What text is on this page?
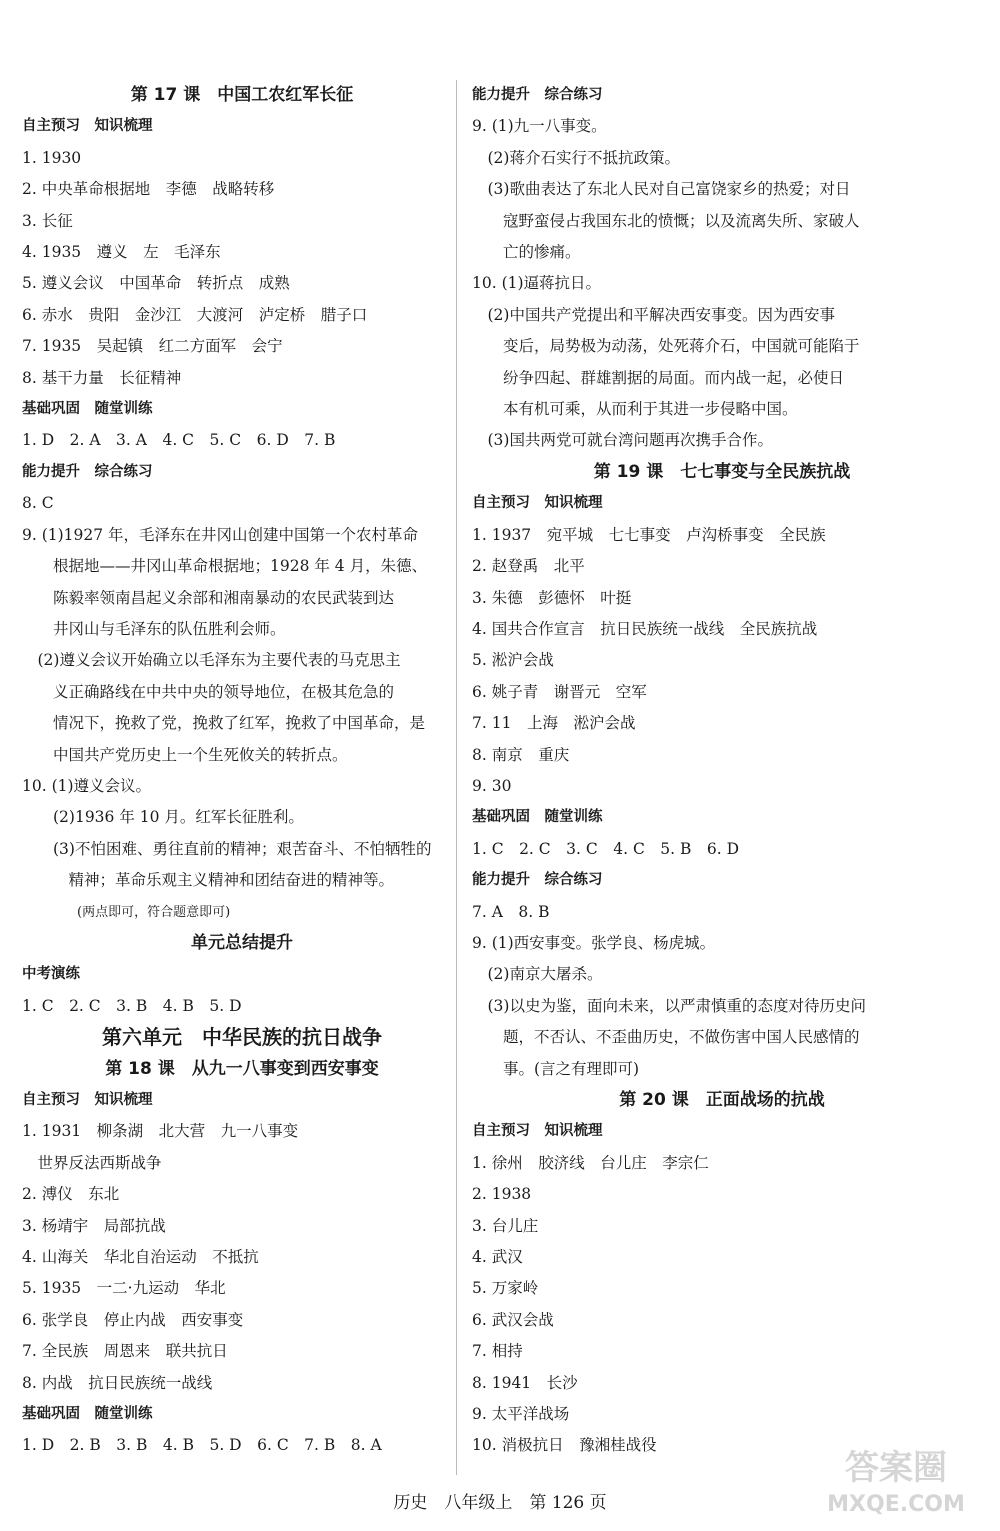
第 17 课　中国工农红军长征
自主预习　知识梳理
1. 1930
2. 中央革命根据地　李德　战略转移
3. 长征
4. 1935　遵义　左　毛泽东
5. 遵义会议　中国革命　转折点　成熟
6. 赤水　贵阳　金沙江　大渡河　泸定桥　腊子口
7. 1935　吴起镇　红二方面军　会宁
8. 基干力量　长征精神
基础巩固　随堂训练
1. D　2. A　3. A　4. C　5. C　6. D　7. B
能力提升　综合练习
8. C
9. (1)1927 年，毛泽东在井冈山创建中国第一个农村革命
　　根据地——井冈山革命根据地；1928 年 4 月，朱德、
　　陈毅率领南昌起义余部和湘南暴动的农民武装到达
　　井冈山与毛泽东的队伍胜利会师。
　(2)遵义会议开始确立以毛泽东为主要代表的马克思主
　　义正确路线在中共中央的领导地位，在极其危急的
　　情况下，挽救了党，挽救了红军，挽救了中国革命，是
　　中国共产党历史上一个生死攸关的转折点。
10. (1)遵义会议。
　　(2)1936 年 10 月。红军长征胜利。
　　(3)不怕困难、勇往直前的精神；艰苦奋斗、不怕牺牲的
　　　精神；革命乐观主义精神和团结奋进的精神等。
(两点即可，符合题意即可)
单元总结提升
中考演练
1. C　2. C　3. B　4. B　5. D
第六单元　中华民族的抗日战争
第 18 课　从九一八事变到西安事变
自主预习　知识梳理
1. 1931　柳条湖　北大营　九一八事变
　世界反法西斯战争
2. 溥仪　东北
3. 杨靖宇　局部抗战
4. 山海关　华北自治运动　不抵抗
5. 1935　一二·九运动　华北
6. 张学良　停止内战　西安事变
7. 全民族　周恩来　联共抗日
8. 内战　抗日民族统一战线
基础巩固　随堂训练
1. D　2. B　3. B　4. B　5. D　6. C　7. B　8. A
能力提升　综合练习
9. (1)九一八事变。
　(2)蒋介石实行不抵抗政策。
　(3)歌曲表达了东北人民对自己富饶家乡的热爱；对日
　　寇野蛮侵占我国东北的愤慨；以及流离失所、家破人
　　亡的惨痛。
10. (1)逼蒋抗日。
　(2)中国共产党提出和平解决西安事变。因为西安事
　　变后，局势极为动荡，处死蒋介石，中国就可能陷于
　　纷争四起、群雄割据的局面。而内战一起，必使日
　　本有机可乘，从而利于其进一步侵略中国。
　(3)国共两党可就台湾问题再次携手合作。
第 19 课　七七事变与全民族抗战
自主预习　知识梳理
1. 1937　宛平城　七七事变　卢沟桥事变　全民族
2. 赵登禹　北平
3. 朱德　彭德怀　叶挺
4. 国共合作宣言　抗日民族统一战线　全民族抗战
5. 淞沪会战
6. 姚子青　谢晋元　空军
7. 11　上海　淞沪会战
8. 南京　重庆
9. 30
基础巩固　随堂训练
1. C　2. C　3. C　4. C　5. B　6. D
能力提升　综合练习
7. A　8. B
9. (1)西安事变。张学良、杨虎城。
　(2)南京大屠杀。
　(3)以史为鉴，面向未来，以严肃慎重的态度对待历史问
　　题，不否认、不歪曲历史，不做伤害中国人民感情的
　　事。(言之有理即可)
第 20 课　正面战场的抗战
自主预习　知识梳理
1. 徐州　胶济线　台儿庄　李宗仁
2. 1938
3. 台儿庄
4. 武汉
5. 万家岭
6. 武汉会战
7. 相持
8. 1941　长沙
9. 太平洋战场
10. 消极抗日　豫湘桂战役
历史　八年级上　第 126 页
答案圈
MXQE.COM
